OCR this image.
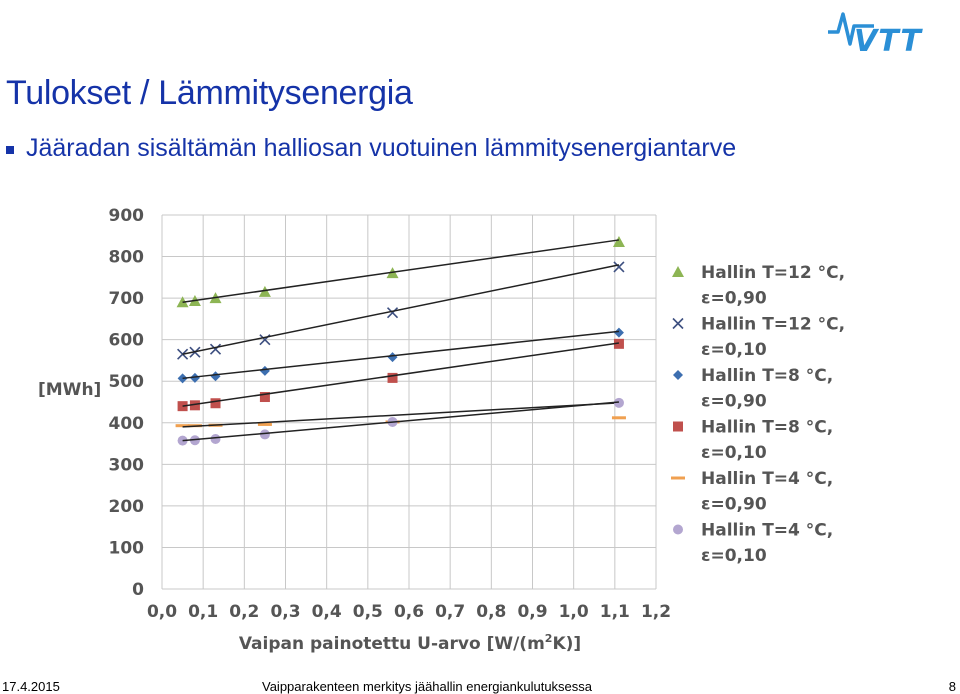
Tulokset / Lämmitysenergia
Jääradan sisältämän halliosan vuotuinen lämmitysenergiantarve
VTT
0,0 0,1 0,2 0,3 0,4 0,5 0,6 0,7 0,8 0,9 1,0 1,1 1,2
0
100
200
300
400
500
600
700
800
900
[MWh]
Vaipan painotettu U-arvo $[W/(m^2K)]$
Hallin T=12 °C,
ε=0,90
Hallin T=12 °C,
ε=0,10
Hallin T=8 °C,
ε=0,90
Hallin T=8 °C,
ε=0,10
Hallin T=4 °C,
ε=0,90
Hallin T=4 °C,
ε=0,10
17.4.2015	Vaipparakenteen merkitys jäähallin energiankulutuksessa	8
